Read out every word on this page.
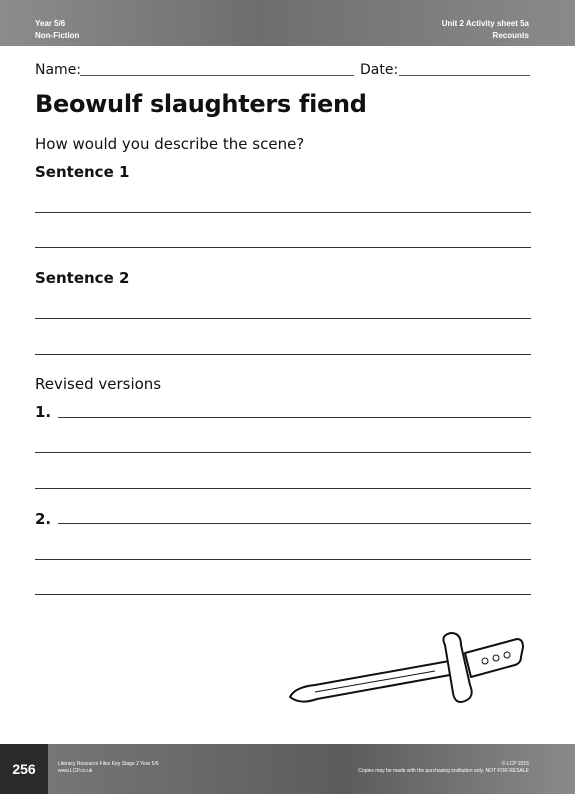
Year 5/6
Non-Fiction
Unit 2 Activity sheet 5a
Recounts
Name:	Date:
Beowulf slaughters fiend
How would you describe the scene?
Sentence 1
Sentence 2
Revised versions
1.
2.
256	Literacy Resource Files Key Stage 2 Year 5/6
www.LCP.co.uk
© LCP 2015
Copies may be made with the purchasing institution only. NOT FOR RESALE
